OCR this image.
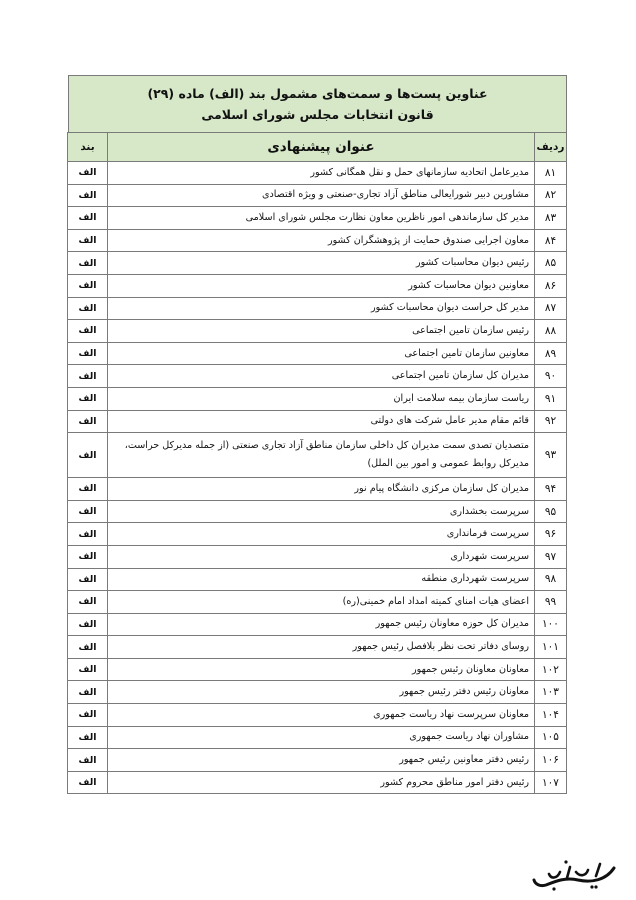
عناوین پست‌ها و سمت‌های مشمول بند (الف) ماده (۲۹)
قانون انتخابات مجلس شورای اسلامی
ردیف	عنوان پیشنهادی	بند
۸۱	مدیرعامل اتحادیه سازمانهای حمل و نقل همگانی کشور	الف
۸۲	مشاورین دبیر شورایعالی مناطق آزاد تجاری-صنعتی و ویژه اقتصادی	الف
۸۳	مدیر کل سازماندهی امور ناظرین معاون نظارت مجلس شورای اسلامی	الف
۸۴	معاون اجرایی صندوق حمایت از پژوهشگران کشور	الف
۸۵	رئیس دیوان محاسبات کشور	الف
۸۶	معاونین دیوان محاسبات کشور	الف
۸۷	مدیر کل حراست دیوان محاسبات کشور	الف
۸۸	رئیس سازمان تامین اجتماعی	الف
۸۹	معاونین سازمان تامین اجتماعی	الف
۹۰	مدیران کل سازمان تامین اجتماعی	الف
۹۱	ریاست سازمان بیمه سلامت ایران	الف
۹۲	قائم مقام مدیر عامل شرکت های دولتی	الف
۹۳	متصدیان تصدی سمت مدیران کل داخلی سازمان مناطق آزاد تجاری صنعتی (از جمله مدیرکل حراست، مدیرکل روابط عمومی و امور بین الملل)	الف
۹۴	مدیران کل سازمان مرکزی دانشگاه پیام نور	الف
۹۵	سرپرست بخشداری	الف
۹۶	سرپرست فرمانداری	الف
۹۷	سرپرست شهرداری	الف
۹۸	سرپرست شهرداری منطقه	الف
۹۹	اعضای هیات امنای کمیته امداد امام خمینی(ره)	الف
۱۰۰	مدیران کل حوزه معاونان رئیس جمهور	الف
۱۰۱	روسای دفاتر تحت نظر بلافصل رئیس جمهور	الف
۱۰۲	معاونان معاونان رئیس جمهور	الف
۱۰۳	معاونان رئیس دفتر رئیس جمهور	الف
۱۰۴	معاونان سرپرست نهاد ریاست جمهوری	الف
۱۰۵	مشاوران نهاد ریاست جمهوری	الف
۱۰۶	رئیس دفتر معاونین رئیس جمهور	الف
۱۰۷	رئیس دفتر امور مناطق محروم کشور	الف
